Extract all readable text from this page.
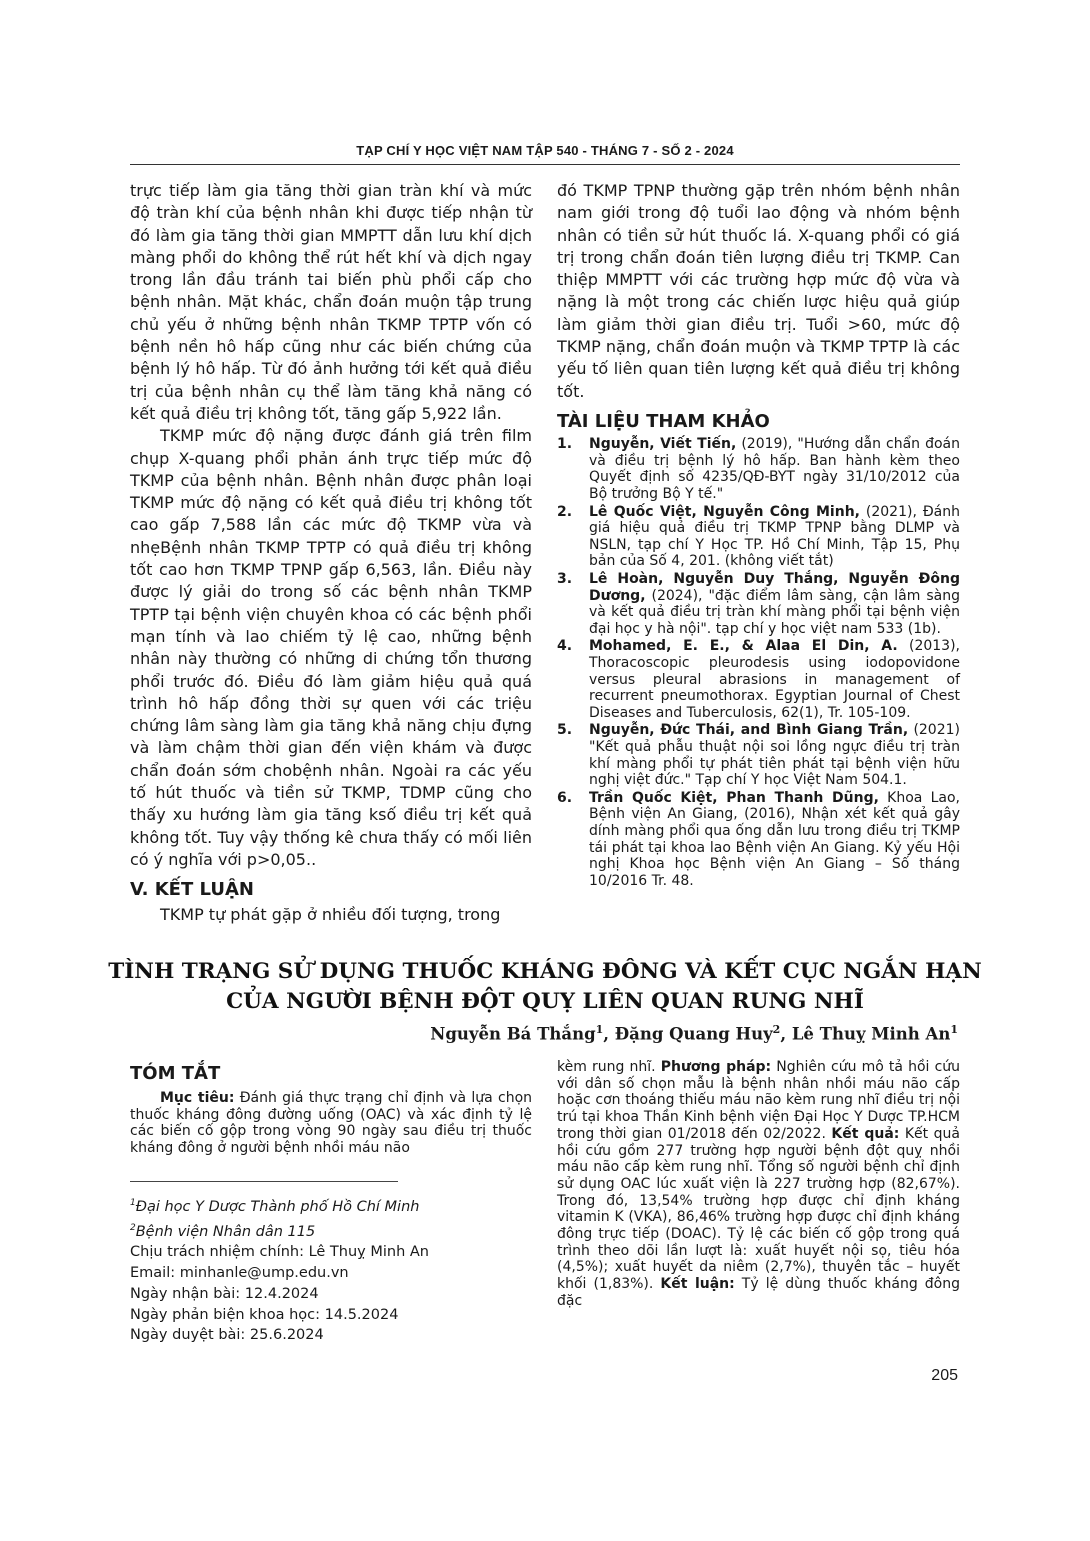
TẠP CHÍ Y HỌC VIỆT NAM TẬP 540 - THÁNG 7 - SỐ 2 - 2024

trực tiếp làm gia tăng thời gian tràn khí và mức độ tràn khí của bệnh nhân khi được tiếp nhận từ đó làm gia tăng thời gian MMPTT dẫn lưu khí dịch màng phổi do không thể rút hết khí và dịch ngay trong lần đầu tránh tai biến phù phổi cấp cho bệnh nhân. Mặt khác, chẩn đoán muộn tập trung chủ yếu ở những bệnh nhân TKMP TPTP vốn có bệnh nền hô hấp cũng như các biến chứng của bệnh lý hô hấp. Từ đó ảnh hưởng tới kết quả điều trị của bệnh nhân cụ thể làm tăng khả năng có kết quả điều trị không tốt, tăng gấp 5,922 lần.

TKMP mức độ nặng được đánh giá trên film chụp X-quang phổi phản ánh trực tiếp mức độ TKMP của bệnh nhân. Bệnh nhân được phân loại TKMP mức độ nặng có kết quả điều trị không tốt cao gấp 7,588 lần các mức độ TKMP vừa và nhẹBệnh nhân TKMP TPTP có quả điều trị không tốt cao hơn TKMP TPNP gấp 6,563, lần. Điều này được lý giải do trong số các bệnh nhân TKMP TPTP tại bệnh viện chuyên khoa có các bệnh phổi mạn tính và lao chiếm tỷ lệ cao, những bệnh nhân này thường có những di chứng tổn thương phổi trước đó. Điều đó làm giảm hiệu quả quá trình hô hấp đồng thời sự quen với các triệu chứng lâm sàng làm gia tăng khả năng chịu đựng và làm chậm thời gian đến viện khám và được chẩn đoán sớm chobệnh nhân. Ngoài ra các yếu tố hút thuốc và tiền sử TKMP, TDMP cũng cho thấy xu hướng làm gia tăng ksố điều trị kết quả không tốt. Tuy vậy thống kê chưa thấy có mối liên có ý nghĩa với p>0,05..

V. KẾT LUẬN

TKMP tự phát gặp ở nhiều đối tượng, trong

đó TKMP TPNP thường gặp trên nhóm bệnh nhân nam giới trong độ tuổi lao động và nhóm bệnh nhân có tiền sử hút thuốc lá. X-quang phổi có giá trị trong chẩn đoán tiên lượng điều trị TKMP. Can thiệp MMPTT với các trường hợp mức độ vừa và nặng là một trong các chiến lược hiệu quả giúp làm giảm thời gian điều trị. Tuổi >60, mức độ TKMP nặng, chẩn đoán muộn và TKMP TPTP là các yếu tố liên quan tiên lượng kết quả điều trị không tốt.

TÀI LIỆU THAM KHẢO
1. Nguyễn, Viết Tiến, (2019), "Hướng dẫn chẩn đoán và điều trị bệnh lý hô hấp. Ban hành kèm theo Quyết định số 4235/QĐ-BYT ngày 31/10/2012 của Bộ trưởng Bộ Y tế."
2. Lê Quốc Việt, Nguyễn Công Minh, (2021), Đánh giá hiệu quả điều trị TKMP TPNP bằng DLMP và NSLN, tạp chí Y Học TP. Hồ Chí Minh, Tập 15, Phụ bản của Số 4, 201. (không viết tắt)
3. Lê Hoàn, Nguyễn Duy Thắng, Nguyễn Đông Dương, (2024), "đặc điểm lâm sàng, cận lâm sàng và kết quả điều trị tràn khí màng phổi tại bệnh viện đại học y hà nội". tạp chí y học việt nam 533 (1b).
4. Mohamed, E. E., & Alaa El Din, A. (2013), Thoracoscopic pleurodesis using iodopovidone versus pleural abrasions in management of recurrent pneumothorax. Egyptian Journal of Chest Diseases and Tuberculosis, 62(1), Tr. 105-109.
5. Nguyễn, Đức Thái, and Bình Giang Trần, (2021) "Kết quả phẫu thuật nội soi lồng ngực điều trị tràn khí màng phổi tự phát tiên phát tại bệnh viện hữu nghị việt đức." Tạp chí Y học Việt Nam 504.1.
6. Trần Quốc Kiệt, Phan Thanh Dũng, Khoa Lao, Bệnh viện An Giang, (2016), Nhận xét kết quả gây dính màng phổi qua ống dẫn lưu trong điều trị TKMP tái phát tại khoa lao Bệnh viện An Giang. Kỷ yếu Hội nghị Khoa học Bệnh viện An Giang – Số tháng 10/2016 Tr. 48.
TÌNH TRẠNG SỬ DỤNG THUỐC KHÁNG ĐÔNG VÀ KẾT CỤC NGẮN HẠN
CỦA NGƯỜI BỆNH ĐỘT QUỴ LIÊN QUAN RUNG NHĨ
Nguyễn Bá Thắng$^1$, Đặng Quang Huy$^2$, Lê Thuỵ Minh An$^1$
TÓM TẮT

Mục tiêu: Đánh giá thực trạng chỉ định và lựa chọn thuốc kháng đông đường uống (OAC) và xác định tỷ lệ các biến cố gộp trong vòng 90 ngày sau điều trị thuốc kháng đông ở người bệnh nhồi máu não

$^1$Đại học Y Dược Thành phố Hồ Chí Minh
$^2$Bệnh viện Nhân dân 115
Chịu trách nhiệm chính: Lê Thuỵ Minh An
Email: minhanle@ump.edu.vn
Ngày nhận bài: 12.4.2024
Ngày phản biện khoa học: 14.5.2024
Ngày duyệt bài: 25.6.2024

kèm rung nhĩ. Phương pháp: Nghiên cứu mô tả hồi cứu với dân số chọn mẫu là bệnh nhân nhồi máu não cấp hoặc cơn thoáng thiếu máu não kèm rung nhĩ điều trị nội trú tại khoa Thần Kinh bệnh viện Đại Học Y Dược TP.HCM trong thời gian 01/2018 đến 02/2022. Kết quả: Kết quả hồi cứu gồm 277 trường hợp người bệnh đột quỵ nhồi máu não cấp kèm rung nhĩ. Tổng số người bệnh chỉ định sử dụng OAC lúc xuất viện là 227 trường hợp (82,67%). Trong đó, 13,54% trường hợp được chỉ định kháng vitamin K (VKA), 86,46% trường hợp được chỉ định kháng đông trực tiếp (DOAC). Tỷ lệ các biến cố gộp trong quá trình theo dõi lần lượt là: xuất huyết nội sọ, tiêu hóa (4,5%); xuất huyết da niêm (2,7%), thuyên tắc – huyết khối (1,83%). Kết luận: Tỷ lệ dùng thuốc kháng đông đặc

205
